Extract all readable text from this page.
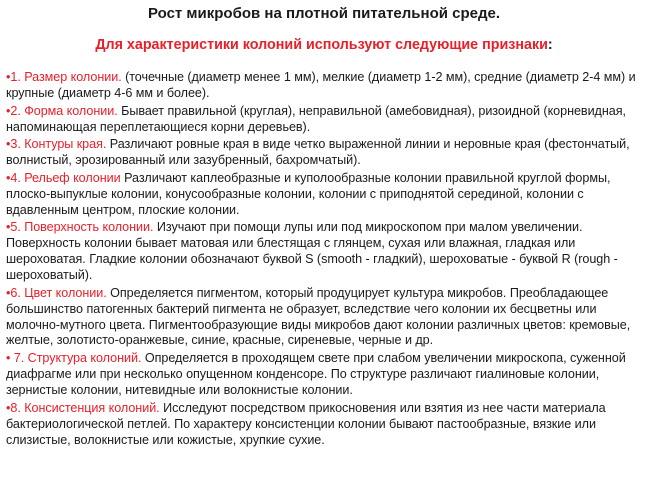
Рост микробов на плотной питательной среде.
Для характеристики колоний используют следующие признаки:
•1. Размер колонии. (точечные (диаметр менее 1 мм), мелкие (диаметр 1-2 мм), средние (диаметр 2-4 мм) и крупные (диаметр 4-6 мм и более).
•2. Форма колонии. Бывает правильной (круглая), неправильной (амебовидная), ризоидной (корневидная, напоминающая переплетающиеся корни деревьев).
•3. Контуры края. Различают ровные края в виде четко выраженной линии и неровные края (фестончатый, волнистый, эрозированный или зазубренный, бахромчатый).
•4. Рельеф колонии Различают каплеобразные и куполообразные колонии правильной круглой формы, плоско-выпуклые колонии, конусообразные колонии, колонии с приподнятой серединой, колонии с вдавленным центром, плоские колонии.
•5. Поверхность колонии. Изучают при помощи лупы или под микроскопом при малом увеличении. Поверхность колонии бывает матовая или блестящая с глянцем, сухая или влажная, гладкая или шероховатая. Гладкие колонии обозначают буквой S (smooth - гладкий), шероховатые - буквой R (rough - шероховатый).
•6. Цвет колонии. Определяется пигментом, который продуцирует культура микробов. Преобладающее большинство патогенных бактерий пигмента не образует, вследствие чего колонии их бесцветны или молочно-мутного цвета. Пигментообразующие виды микробов дают колонии различных цветов: кремовые, желтые, золотисто-оранжевые, синие, красные, сиреневые, черные и др.
• 7. Структура колоний. Определяется в проходящем свете при слабом увеличении микроскопа, суженной диафрагме или при несколько опущенном конденсоре. По структуре различают гиалиновые колонии, зернистые колонии, нитевидные или волокнистые колонии.
•8. Консистенция колоний. Исследуют посредством прикосновения или взятия из нее части материала бактериологической петлей. По характеру консистенции колонии бывают пастообразные, вязкие или слизистые, волокнистые или кожистые, хрупкие сухие.
